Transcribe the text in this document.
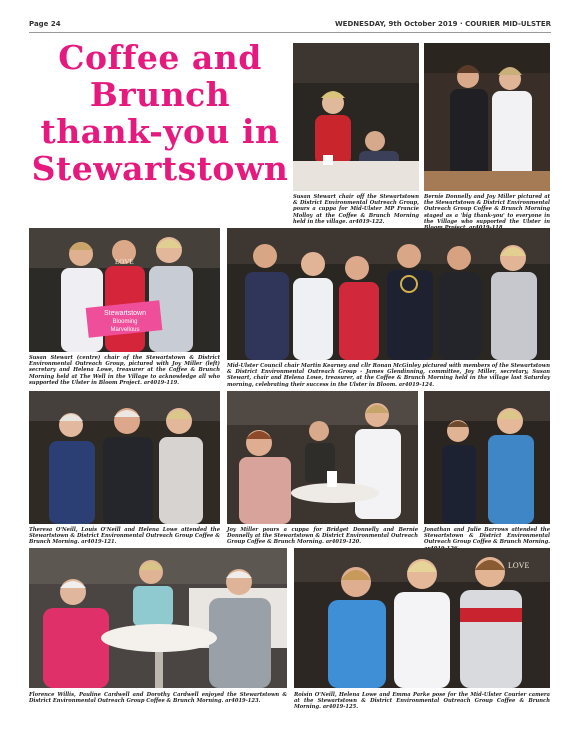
Page 24	WEDNESDAY, 9th October 2019 · COURIER MID-ULSTER
Coffee and
Brunch
thank-you in
Stewartstown
Susan Stewart chair off the Stewartstown & District Environmental Outreach Group, pours a cuppa for Mid-Ulster MP Francie Molloy at the Coffee & Brunch Morning held in the village. ar4019-122.
Bernie Donnelly and Joy Miller pictured at the Stewartstown & District Environmental Outreach Group Coffee & Brunch Morning staged as a 'big thank-you' to everyone in the Village who supported the Ulster in
Stewartstown
Blooming
Marvellous
LOVE
Susan Stewart (centre) chair of the Stewartstown & District Environmental Outreach Group, pictured with Joy Miller (left) secretary and Helena Lowe, treasurer at the Coffee & Brunch Morning held at The Well in the Village to acknowledge all who supported the Ulster in Bloom Project. ar4019-119.
Mid-Ulster Council chair Martin Kearney and cllr Ronan McGinley pictured with members of the Stewartstown & District Environmental Outreach Group - James Glendinning, committee, Joy Miller, secretary, Susan Stewart, chair and Helena Lowe, treasurer, at the Coffee & Brunch Morning held in the village last Saturday morning, celebrating their success in the Ulster in Bloom. ar4019-124.
Theresa O'Neill, Louis O'Neill and Helena Lowe attended the Stewartstown & District Environmental Outreach Group Coffee & Brunch Morning. ar4019-121.
Joy Miller pours a cuppa for Bridget Donnelly and Bernie Donnelly at the Stewartstown & District Environmental Outreach Group Coffee & Brunch Morning. ar4019-120.
Jonathan and Julie Barrows attended the Stewartstown & District Environmental Outreach Group Coffee & Brunch Morning.
LOVE
Florence Willis, Pauline Cardwell and Dorothy Cardwell enjoyed the Stewartstown & District Environmental Outreach Group Coffee & Brunch Morning. ar4019-123.
Roisin O'Neill, Helena Lowe and Emma Parke pose for the Mid-Ulster Courier camera at the Stewartstown & District Environmental Outreach Group Coffee & Brunch Morning. ar4019-125.
